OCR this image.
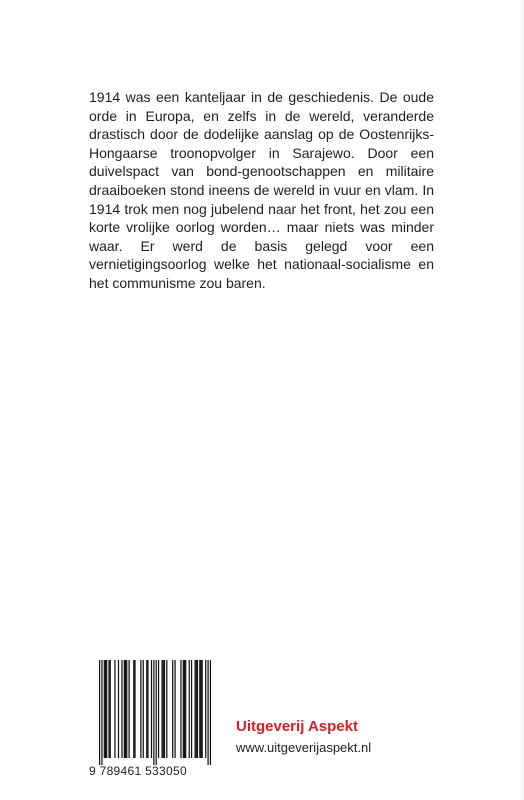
1914 was een kanteljaar in de geschiedenis. De oude orde in Europa, en zelfs in de wereld, veranderde drastisch door de dodelijke aanslag op de Oostenrijks-Hongaarse troonopvolger in Sarajewo. Door een duivelspact van bond-genootschappen en militaire draaiboeken stond ineens de wereld in vuur en vlam. In 1914 trok men nog jubelend naar het front, het zou een korte vrolijke oorlog worden… maar niets was minder waar. Er werd de basis gelegd voor een vernietigingsoorlog welke het nationaal-socialisme en het communisme zou baren.

9 789461 533050
Uitgeverij Aspekt
www.uitgeverijaspekt.nl
